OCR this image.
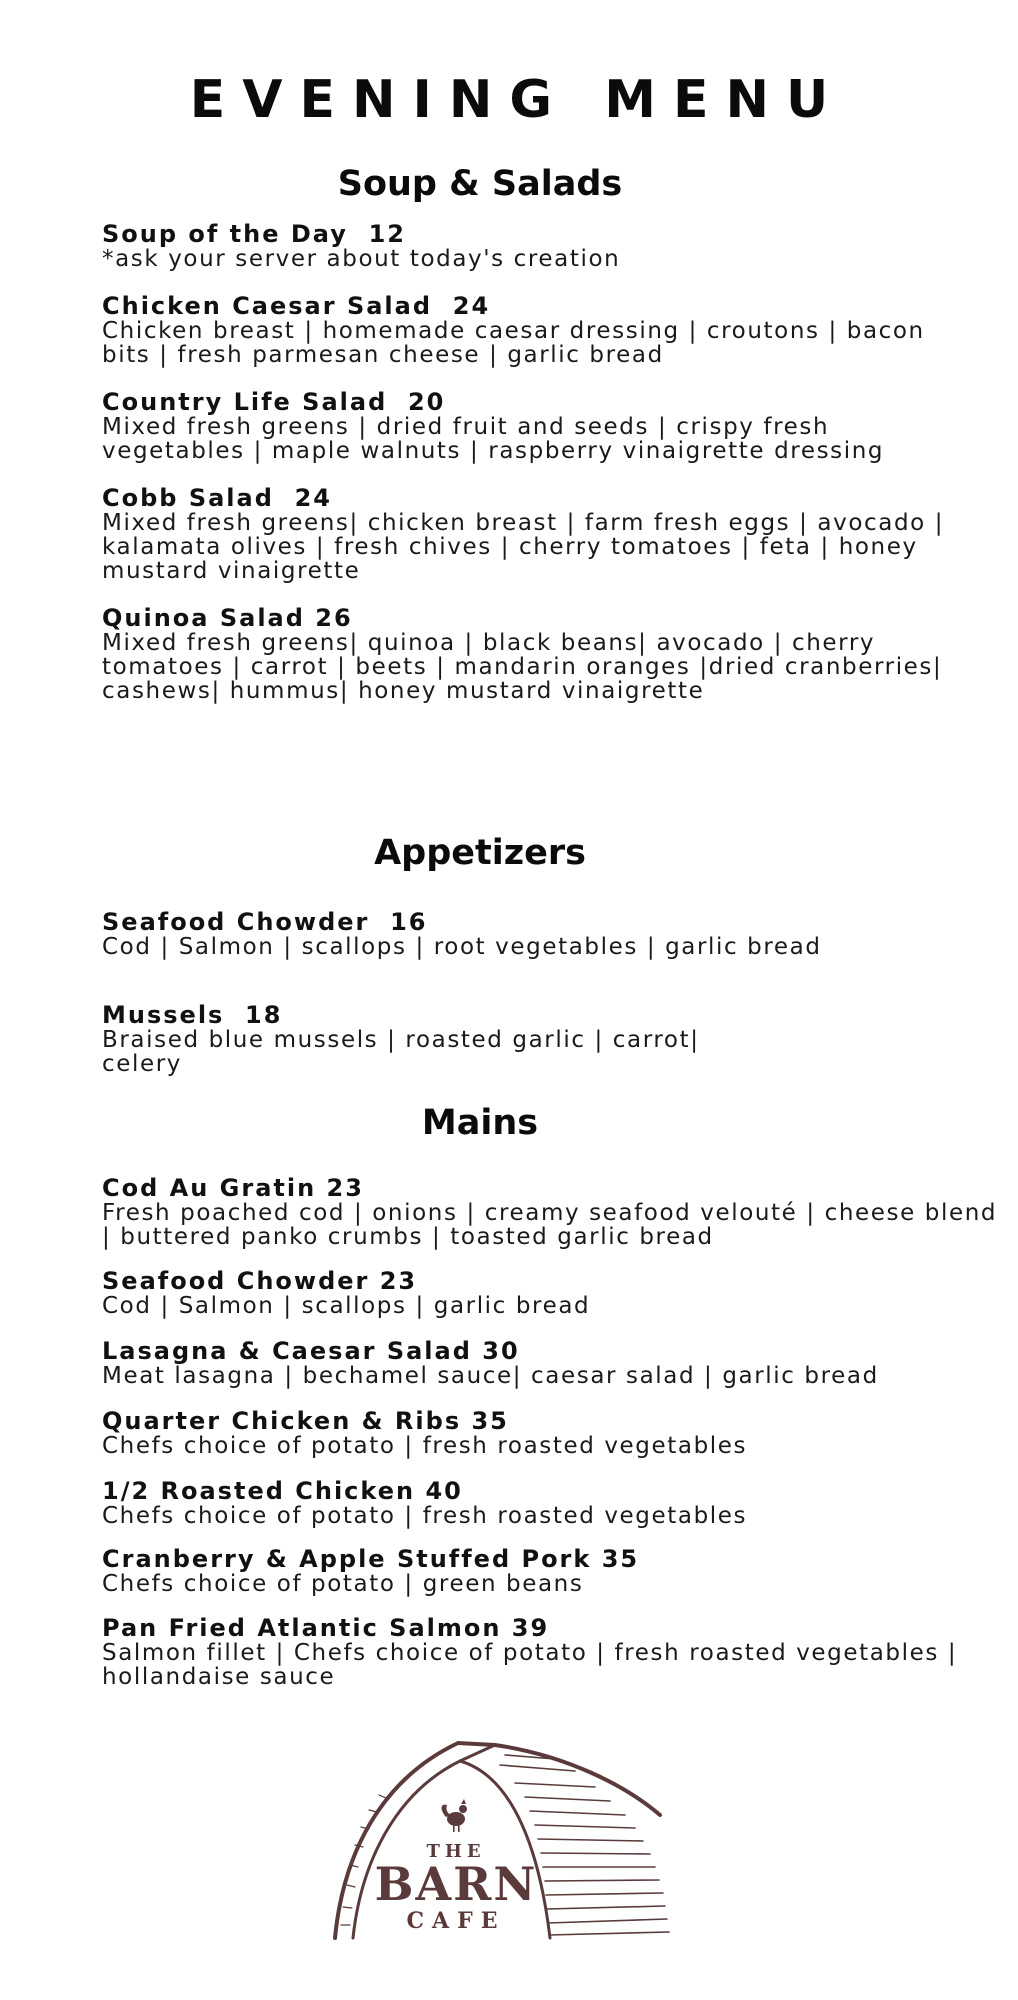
EVENING MENU
Soup & Salads
Soup of the Day  12
*ask your server about today's creation
Chicken Caesar Salad  24
Chicken breast | homemade caesar dressing | croutons | bacon bits | fresh parmesan cheese | garlic bread
Country Life Salad  20
Mixed fresh greens | dried fruit and seeds | crispy fresh vegetables | maple walnuts | raspberry vinaigrette dressing
Cobb Salad  24
Mixed fresh greens| chicken breast | farm fresh eggs | avocado | kalamata olives | fresh chives | cherry tomatoes | feta | honey mustard vinaigrette
Quinoa Salad 26
Mixed fresh greens| quinoa | black beans| avocado | cherry tomatoes | carrot | beets | mandarin oranges |dried cranberries| cashews| hummus| honey mustard vinaigrette
Appetizers
Seafood Chowder  16
Cod | Salmon | scallops | root vegetables | garlic bread
Mussels  18
Braised blue mussels | roasted garlic | carrot| celery
Mains
Cod Au Gratin 23
Fresh poached cod | onions | creamy seafood velouté | cheese blend | buttered panko crumbs | toasted garlic bread
Seafood Chowder 23
Cod | Salmon | scallops | garlic bread
Lasagna & Caesar Salad 30
Meat lasagna | bechamel sauce| caesar salad | garlic bread
Quarter Chicken & Ribs 35
Chefs choice of potato | fresh roasted vegetables
1/2 Roasted Chicken 40
Chefs choice of potato | fresh roasted vegetables
Cranberry & Apple Stuffed Pork 35
Chefs choice of potato | green beans
Pan Fried Atlantic Salmon 39
Salmon fillet | Chefs choice of potato | fresh roasted vegetables | hollandaise sauce
THE
BARN
CAFE
